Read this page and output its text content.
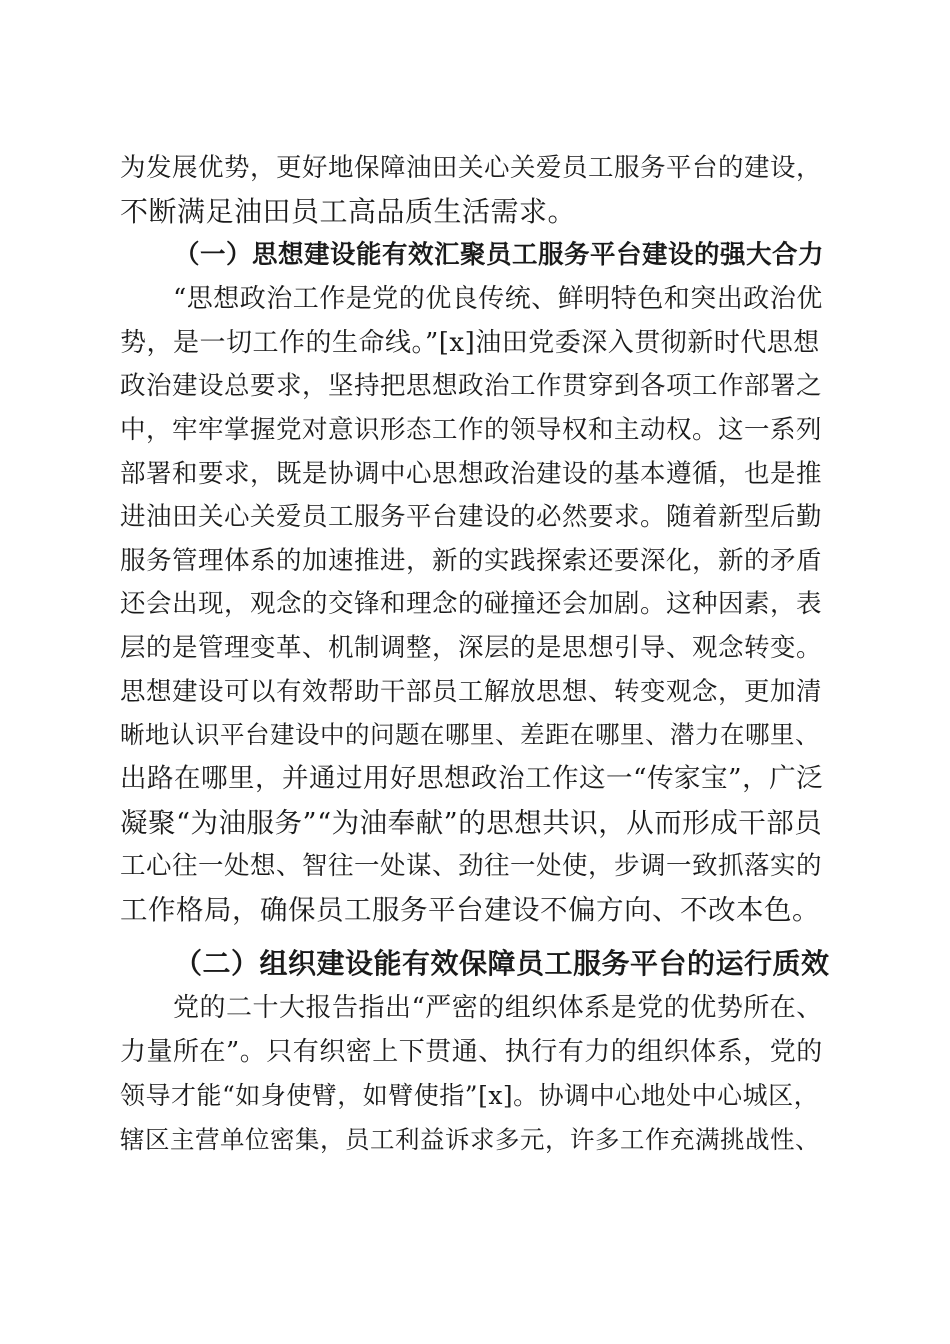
为发展优势，更好地保障油田关心关爱员工服务平台的建设，
不断满足油田员工高品质生活需求。
（一）思想建设能有效汇聚员工服务平台建设的强大合力
“思想政治工作是党的优良传统、鲜明特色和突出政治优
势，是一切工作的生命线。”[x]油田党委深入贯彻新时代思想
政治建设总要求，坚持把思想政治工作贯穿到各项工作部署之
中，牢牢掌握党对意识形态工作的领导权和主动权。这一系列
部署和要求，既是协调中心思想政治建设的基本遵循，也是推
进油田关心关爱员工服务平台建设的必然要求。随着新型后勤
服务管理体系的加速推进，新的实践探索还要深化，新的矛盾
还会出现，观念的交锋和理念的碰撞还会加剧。这种因素，表
层的是管理变革、机制调整，深层的是思想引导、观念转变。
思想建设可以有效帮助干部员工解放思想、转变观念，更加清
晰地认识平台建设中的问题在哪里、差距在哪里、潜力在哪里、
出路在哪里，并通过用好思想政治工作这一“传家宝”，广泛
凝聚“为油服务”“为油奉献”的思想共识，从而形成干部员
工心往一处想、智往一处谋、劲往一处使，步调一致抓落实的
工作格局，确保员工服务平台建设不偏方向、不改本色。
（二）组织建设能有效保障员工服务平台的运行质效
党的二十大报告指出“严密的组织体系是党的优势所在、
力量所在”。只有织密上下贯通、执行有力的组织体系，党的
领导才能“如身使臂，如臂使指”[x]。协调中心地处中心城区，
辖区主营单位密集，员工利益诉求多元，许多工作充满挑战性、
